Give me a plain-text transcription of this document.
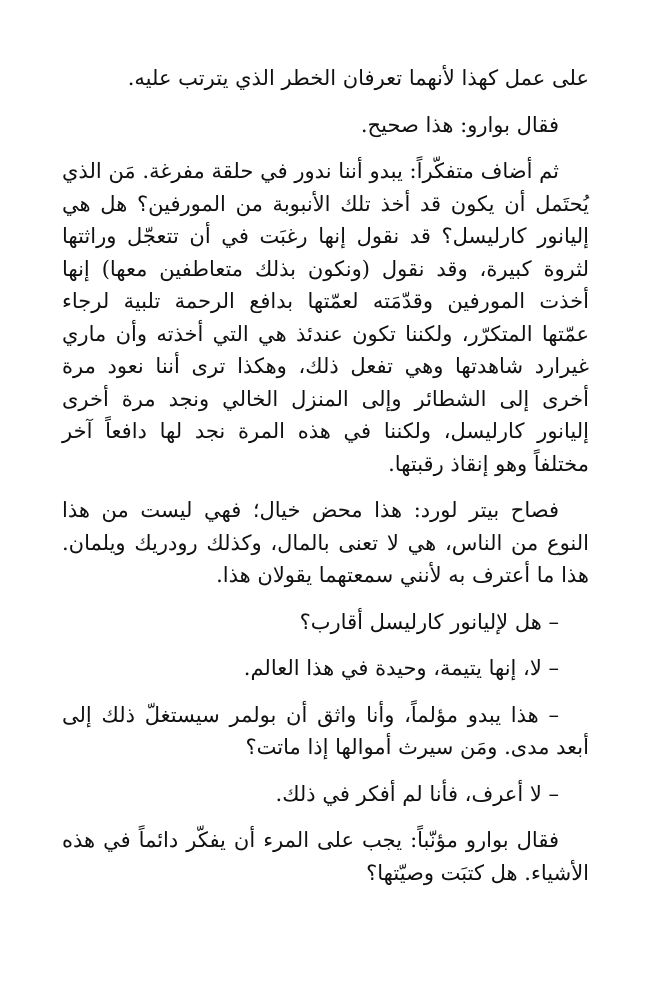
على عمل كهذا لأنهما تعرفان الخطر الذي يترتب عليه.

فقال بوارو: هذا صحيح.

ثم أضاف متفكّراً: يبدو أننا ندور في حلقة مفرغة. مَن الذي يُحتَمل أن يكون قد أخذ تلك الأنبوبة من المورفين؟ هل هي إليانور كارليسل؟ قد نقول إنها رغبَت في أن تتعجّل وراثتها لثروة كبيرة، وقد نقول (ونكون بذلك متعاطفين معها) إنها أخذت المورفين وقدّمَته لعمّتها بدافع الرحمة تلبية لرجاء عمّتها المتكرّر، ولكننا تكون عندئذ هي التي أخذته وأن ماري غيرارد شاهدتها وهي تفعل ذلك، وهكذا ترى أننا نعود مرة أخرى إلى الشطائر وإلى المنزل الخالي ونجد مرة أخرى إليانور كارليسل، ولكننا في هذه المرة نجد لها دافعاً آخر مختلفاً وهو إنقاذ رقبتها.

فصاح بيتر لورد: هذا محض خيال؛ فهي ليست من هذا النوع من الناس، هي لا تعنى بالمال، وكذلك رودريك ويلمان. هذا ما أعترف به لأنني سمعتهما يقولان هذا.

– هل لإليانور كارليسل أقارب؟

– لا، إنها يتيمة، وحيدة في هذا العالم.

– هذا يبدو مؤلماً، وأنا واثق أن بولمر سيستغلّ ذلك إلى أبعد مدى. ومَن سيرث أموالها إذا ماتت؟

– لا أعرف، فأنا لم أفكر في ذلك.

فقال بوارو مؤنّباً: يجب على المرء أن يفكّر دائماً في هذه الأشياء. هل كتبَت وصيّتها؟
